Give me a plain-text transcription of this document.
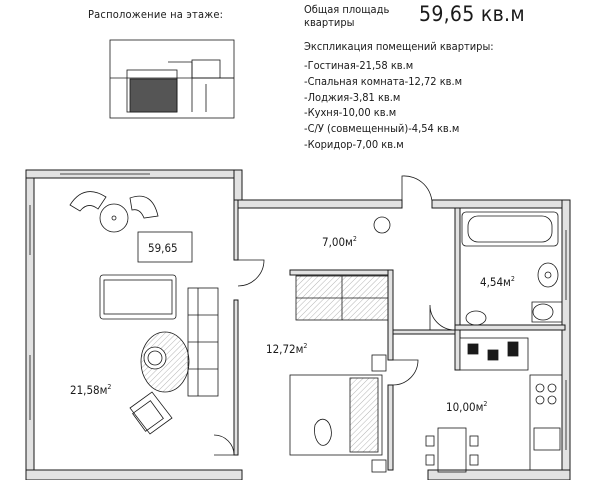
Расположение на этаже:	Общая площадь
квартиры	59,65 кв.м
Экспликация помещений квартиры:
-Гостиная-21,58 кв.м
-Спальная комната-12,72 кв.м
-Лоджия-3,81 кв.м
-Кухня-10,00 кв.м
-С/У (совмещенный)-4,54 кв.м
-Коридор-7,00 кв.м
59,65	$7,00м^2$
$4,54м^2$
$12,72м^2$
$21,58м^2$
$10,00м^2$
